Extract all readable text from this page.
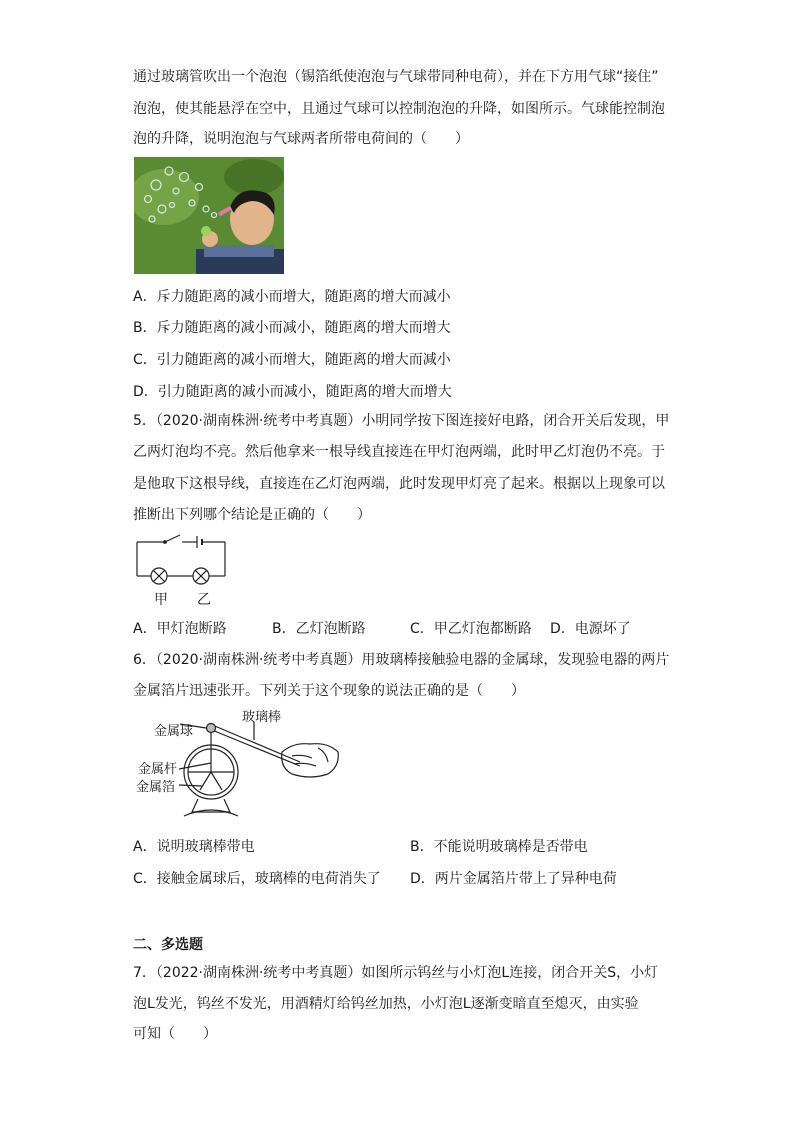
通过玻璃管吹出一个泡泡（锡箔纸使泡泡与气球带同种电荷），并在下方用气球“接住”
泡泡，使其能悬浮在空中，且通过气球可以控制泡泡的升降，如图所示。气球能控制泡
泡的升降，说明泡泡与气球两者所带电荷间的（　　）
A．斥力随距离的减小而增大，随距离的增大而减小
B．斥力随距离的减小而减小，随距离的增大而增大
C．引力随距离的减小而增大，随距离的增大而减小
D．引力随距离的减小而减小，随距离的增大而增大
5．（2020·湖南株洲·统考中考真题）小明同学按下图连接好电路，闭合开关后发现，甲
乙两灯泡均不亮。然后他拿来一根导线直接连在甲灯泡两端，此时甲乙灯泡仍不亮。于
是他取下这根导线，直接连在乙灯泡两端，此时发现甲灯亮了起来。根据以上现象可以
推断出下列哪个结论是正确的（　　）
甲 乙
A．甲灯泡断路	B．乙灯泡断路	C．甲乙灯泡都断路 D．电源坏了
6．（2020·湖南株洲·统考中考真题）用玻璃棒接触验电器的金属球，发现验电器的两片
金属箔片迅速张开。下列关于这个现象的说法正确的是（　　）
玻璃棒
金属球
金属杆
金属箔
A．说明玻璃棒带电	B．不能说明玻璃棒是否带电
C．接触金属球后，玻璃棒的电荷消失了 D．两片金属箔片带上了异种电荷
二、多选题
7．（2022·湖南株洲·统考中考真题）如图所示钨丝与小灯泡L连接，闭合开关S，小灯
泡L发光，钨丝不发光，用酒精灯给钨丝加热，小灯泡L逐渐变暗直至熄灭，由实验
可知（　　）
